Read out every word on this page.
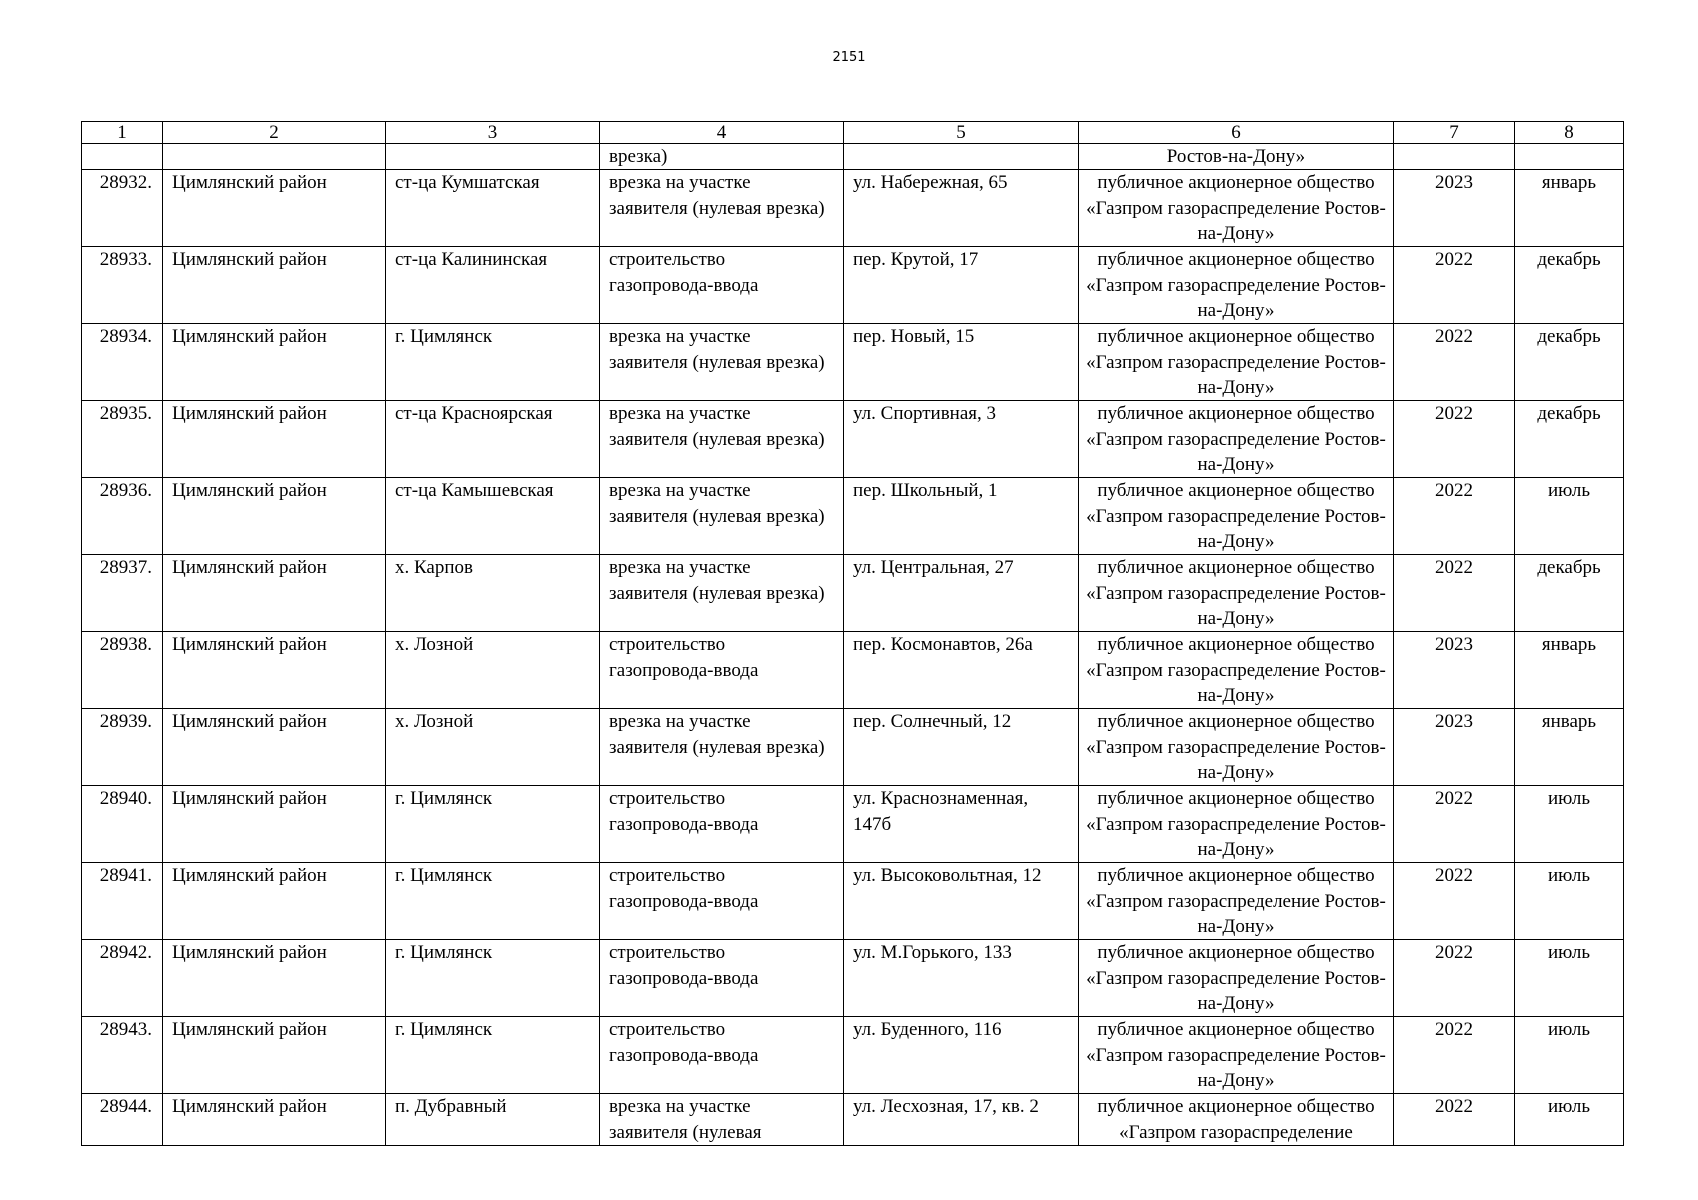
2151
1	2	3	4	5	6	7	8
			врезка)		Ростов-на-Дону»		
28932.	Цимлянский район	ст-ца Кумшатская	врезка на участке заявителя (нулевая врезка)	ул. Набережная, 65	публичное акционерное общество «Газпром газораспределение Ростов-на-Дону»	2023	январь
28933.	Цимлянский район	ст-ца Калининская	строительство газопровода-ввода	пер. Крутой, 17	публичное акционерное общество «Газпром газораспределение Ростов-на-Дону»	2022	декабрь
28934.	Цимлянский район	г. Цимлянск	врезка на участке заявителя (нулевая врезка)	пер. Новый, 15	публичное акционерное общество «Газпром газораспределение Ростов-на-Дону»	2022	декабрь
28935.	Цимлянский район	ст-ца Красноярская	врезка на участке заявителя (нулевая врезка)	ул. Спортивная, 3	публичное акционерное общество «Газпром газораспределение Ростов-на-Дону»	2022	декабрь
28936.	Цимлянский район	ст-ца Камышевская	врезка на участке заявителя (нулевая врезка)	пер. Школьный, 1	публичное акционерное общество «Газпром газораспределение Ростов-на-Дону»	2022	июль
28937.	Цимлянский район	х. Карпов	врезка на участке заявителя (нулевая врезка)	ул. Центральная, 27	публичное акционерное общество «Газпром газораспределение Ростов-на-Дону»	2022	декабрь
28938.	Цимлянский район	х. Лозной	строительство газопровода-ввода	пер. Космонавтов, 26а	публичное акционерное общество «Газпром газораспределение Ростов-на-Дону»	2023	январь
28939.	Цимлянский район	х. Лозной	врезка на участке заявителя (нулевая врезка)	пер. Солнечный, 12	публичное акционерное общество «Газпром газораспределение Ростов-на-Дону»	2023	январь
28940.	Цимлянский район	г. Цимлянск	строительство газопровода-ввода	ул. Краснознаменная, 147б	публичное акционерное общество «Газпром газораспределение Ростов-на-Дону»	2022	июль
28941.	Цимлянский район	г. Цимлянск	строительство газопровода-ввода	ул. Высоковольтная, 12	публичное акционерное общество «Газпром газораспределение Ростов-на-Дону»	2022	июль
28942.	Цимлянский район	г. Цимлянск	строительство газопровода-ввода	ул. М.Горького, 133	публичное акционерное общество «Газпром газораспределение Ростов-на-Дону»	2022	июль
28943.	Цимлянский район	г. Цимлянск	строительство газопровода-ввода	ул. Буденного, 116	публичное акционерное общество «Газпром газораспределение Ростов-на-Дону»	2022	июль
28944.	Цимлянский район	п. Дубравный	врезка на участке заявителя (нулевая	ул. Лесхозная, 17, кв. 2	публичное акционерное общество «Газпром газораспределение	2022	июль
